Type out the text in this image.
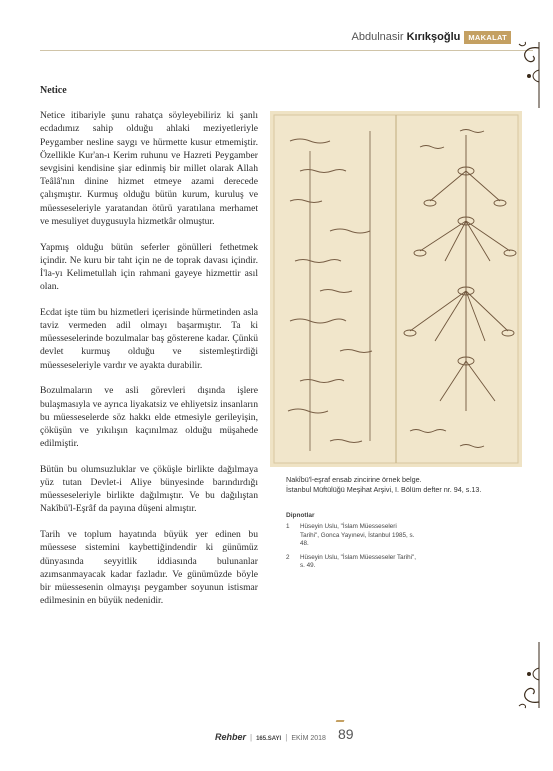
Abdulnasir Kırıkşoğlu	MAKALAT
Netice

Netice itibariyle şunu rahatça söyleyebiliriz ki şanlı ecdadımız sahip olduğu ahlaki meziyetleriyle Peygamber nesline saygı ve hürmette kusur etmemiştir. Özellikle Kur'an-ı Kerim ruhunu ve Hazreti Peygamber sevgisini kendisine şiar edinmiş bir millet olarak Allah Teâlâ'nın dinine hizmet etmeye azami derecede çalışmıştır. Kurmuş olduğu bütün kurum, kuruluş ve müesseseleriyle yaratandan ötürü yaratılana merhamet ve mesuliyet duygusuyla hizmetkâr olmuştur.

Yapmış olduğu bütün seferler gönülleri fethetmek içindir. Ne kuru bir taht için ne de toprak davası içindir. İ'la-yı Kelimetullah için rahmani gayeye hizmettir asıl olan.

Ecdat işte tüm bu hizmetleri içerisinde hürmetinden asla taviz vermeden adil olmayı başarmıştır. Ta ki müesseselerinde bozulmalar baş gösterene kadar. Çünkü devlet kurmuş olduğu ve sistemleştirdiği müesseseleriyle vardır ve ayakta durabilir.

Bozulmaların ve asli görevleri dışında işlere bulaşmasıyla ve ayrıca liyakatsiz ve ehliyetsiz insanların bu müesseselerde söz hakkı elde etmesiyle gerileyişin, çöküşün ve yıkılışın kaçınılmaz olduğu müşahede edilmiştir.

Bütün bu olumsuzluklar ve çöküşle birlikte dağılmaya yüz tutan Devlet-i Aliye bünyesinde barındırdığı müesseseleriyle birlikte dağılmıştır. Ve bu dağılıştan Nakîbü'l-Eşrâf da payına düşeni almıştır.

Tarih ve toplum hayatında büyük yer edinen bu müessese sistemini kaybettiğindendir ki günümüz dünyasında seyyitlik iddiasında bulunanlar azımsanmayacak kadar fazladır. Ve günümüzde böyle bir müessesenin olmayışı peygamber soyunun istismar edilmesinin en büyük nedenidir.

Nakîbü'l-eşraf ensab zincirine örnek belge.
İstanbul Müftülüğü Meşihat Arşivi, I. Bölüm defter nr. 94, s.13.
Dipnotlar
1	Hüseyin Uslu, "İslam Müesseseleri Tarihi", Gonca Yayınevi, İstanbul 1985, s. 48.
2	Hüseyin Uslu, "İslam Müesseseler Tarihi", s. 49.
Rehber | 165.SAYI | EKİM 2018 89
